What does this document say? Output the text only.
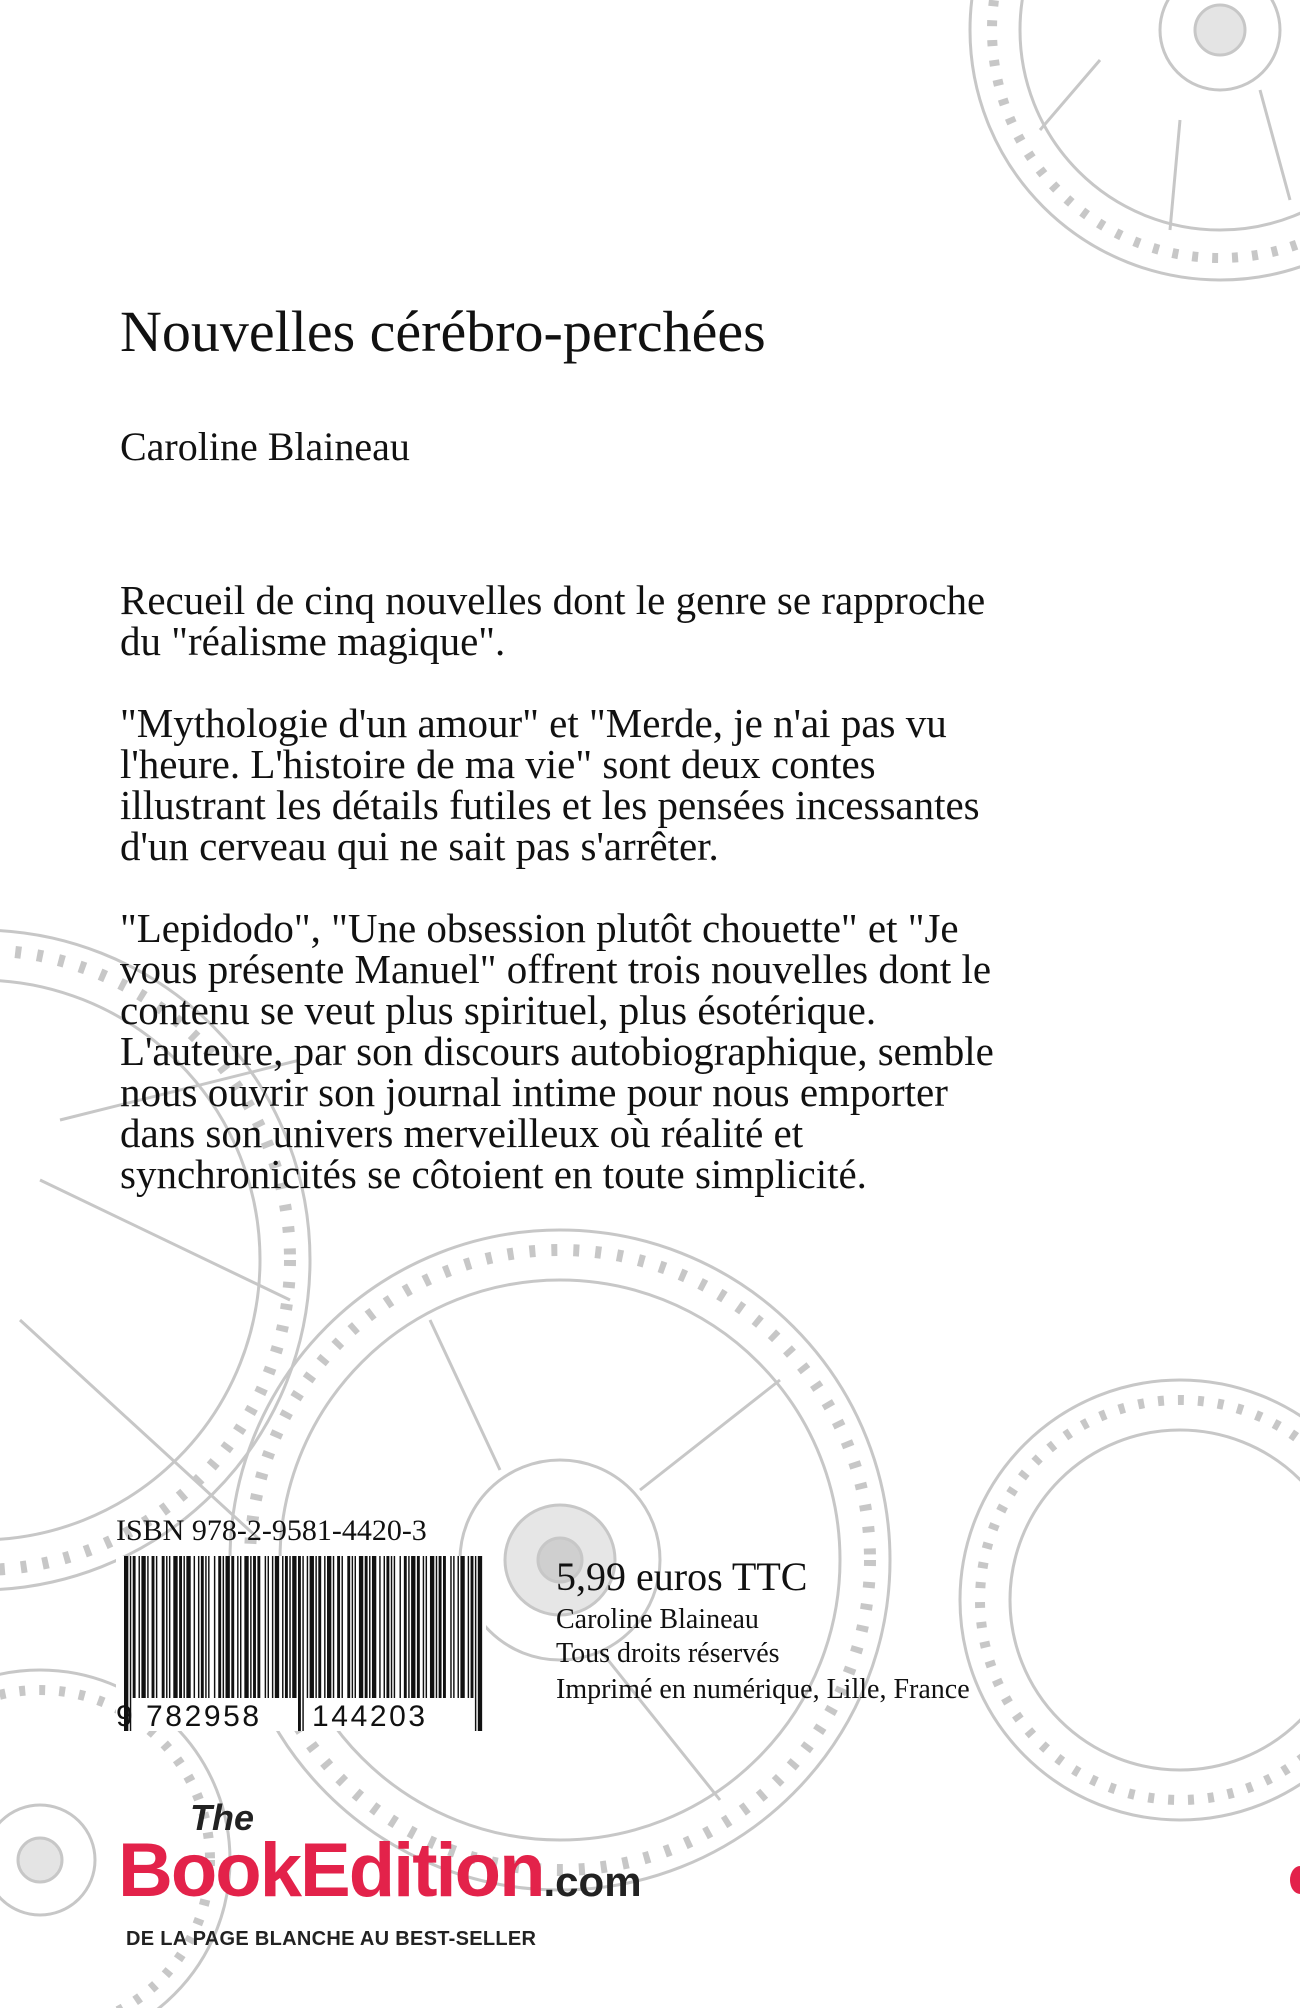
Nouvelles cérébro-perchées
Caroline Blaineau

Recueil de cinq nouvelles dont le genre se rapproche du "réalisme magique".

"Mythologie d'un amour" et "Merde, je n'ai pas vu l'heure. L'histoire de ma vie" sont deux contes illustrant les détails futiles et les pensées incessantes d'un cerveau qui ne sait pas s'arrêter.

"Lepidodo", "Une obsession plutôt chouette" et "Je vous présente Manuel" offrent trois nouvelles dont le contenu se veut plus spirituel, plus ésotérique. L'auteure, par son discours autobiographique, semble nous ouvrir son journal intime pour nous emporter dans son univers merveilleux où réalité et synchronicités se côtoient en toute simplicité.

ISBN 978-2-9581-4420-3
9 782958 144203
5,99 euros TTC
Caroline Blaineau
Tous droits réservés
Imprimé en numérique, Lille, France
The
BookEdition.com
DE LA PAGE BLANCHE AU BEST-SELLER
